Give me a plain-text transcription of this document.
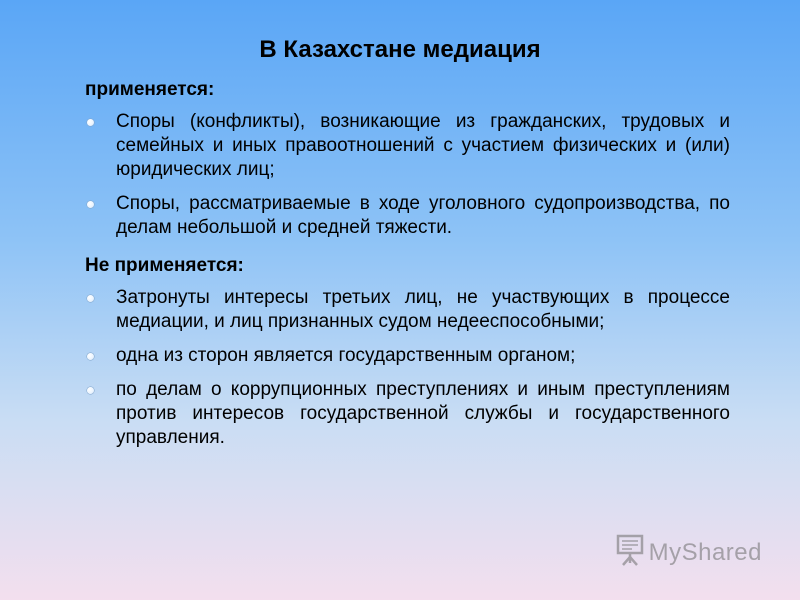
В Казахстане медиация
применяется:
Споры (конфликты), возникающие из гражданских, трудовых и семейных и иных правоотношений с участием физических и (или) юридических лиц;
Споры, рассматриваемые в ходе уголовного судопроизводства, по делам небольшой и средней тяжести.
Не применяется:
Затронуты интересы третьих лиц, не участвующих в процессе медиации, и лиц признанных судом недееспособными;
одна из сторон является государственным органом;
по делам о коррупционных преступлениях и иным преступлениям против интересов государственной службы и государственного управления.
MyShared
